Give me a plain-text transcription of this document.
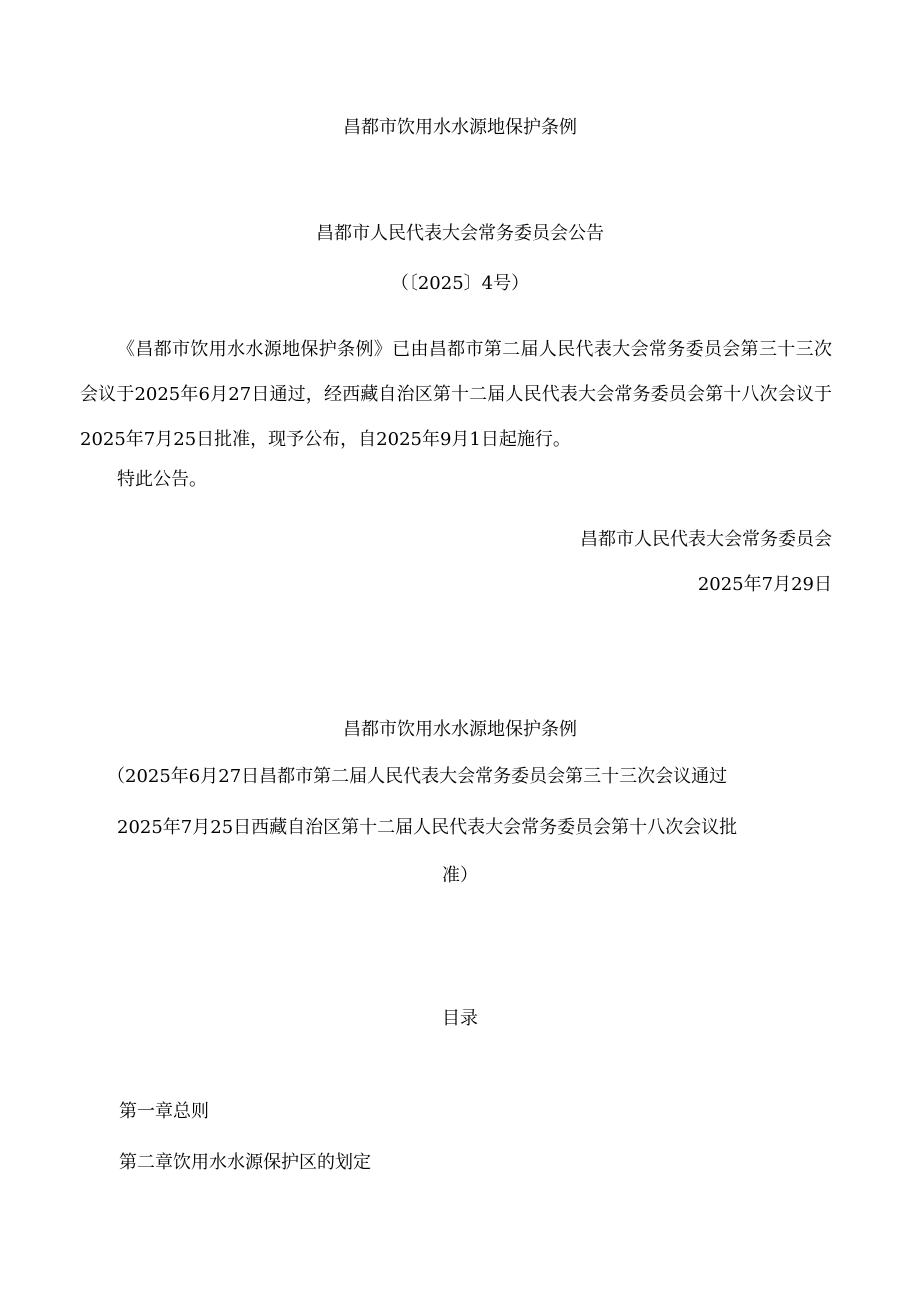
昌都市饮用水水源地保护条例

昌都市人民代表大会常务委员会公告

（〔2025〕4号）

《昌都市饮用水水源地保护条例》已由昌都市第二届人民代表大会常务委员会第三十三次会议于2025年6月27日通过，经西藏自治区第十二届人民代表大会常务委员会第十八次会议于2025年7月25日批准，现予公布，自2025年9月1日起施行。

特此公告。

昌都市人民代表大会常务委员会

2025年7月29日

昌都市饮用水水源地保护条例

（2025年6月27日昌都市第二届人民代表大会常务委员会第三十三次会议通过

2025年7月25日西藏自治区第十二届人民代表大会常务委员会第十八次会议批

准）

目录

第一章总则

第二章饮用水水源保护区的划定
